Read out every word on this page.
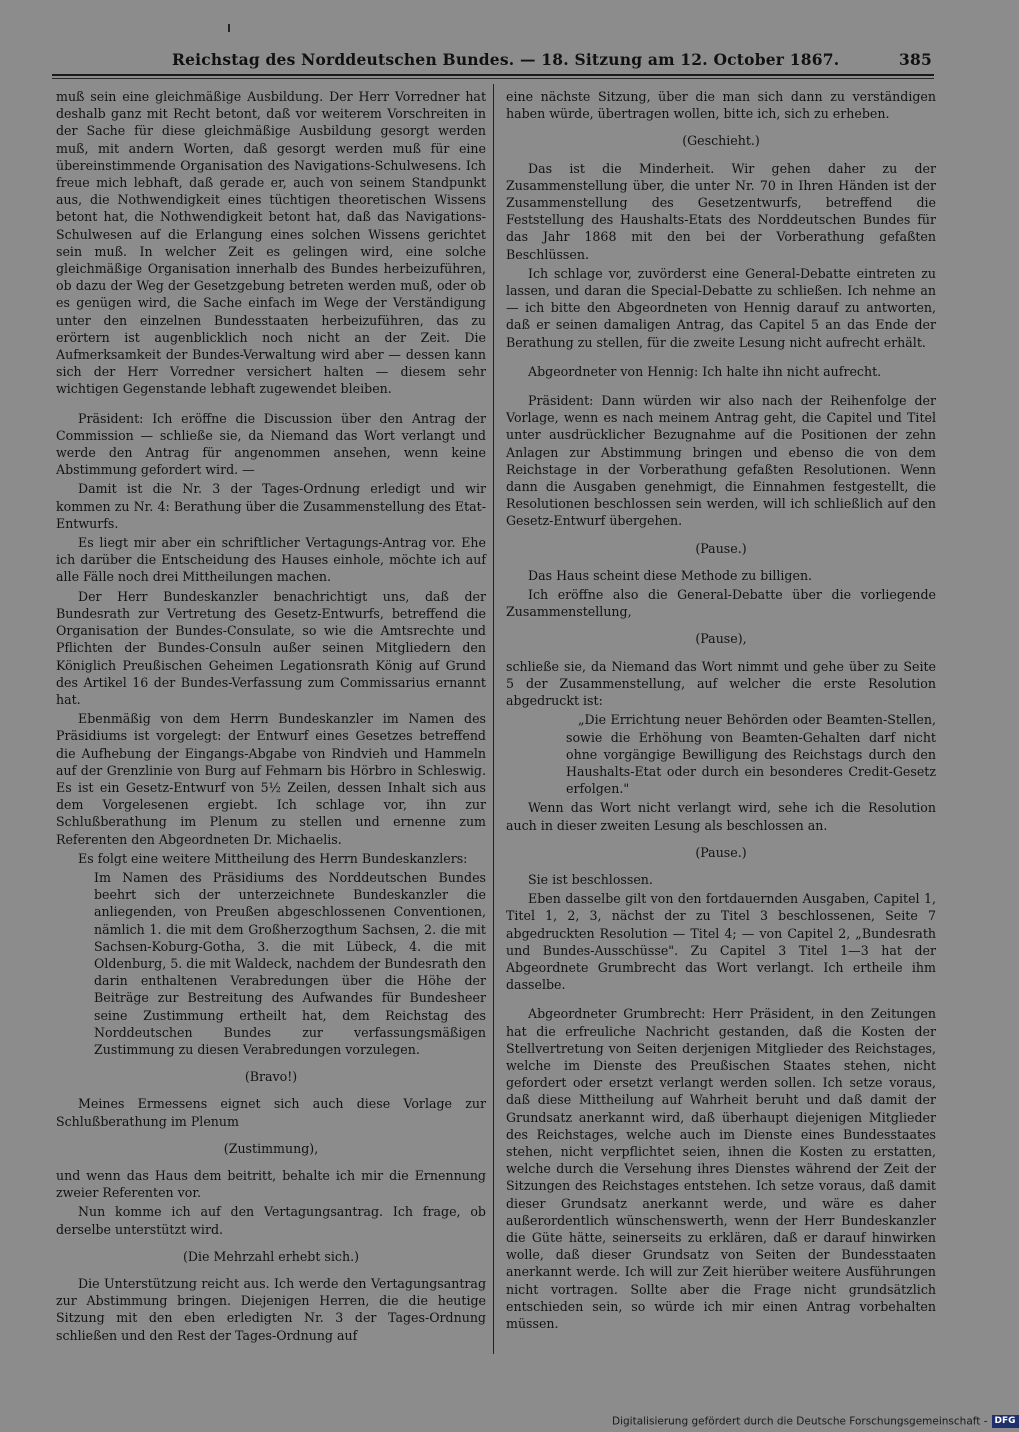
Reichstag des Norddeutschen Bundes. — 18. Sitzung am 12. October 1867.	385

muß sein eine gleichmäßige Ausbildung. Der Herr Vorredner hat deshalb ganz mit Recht betont, daß vor weiterem Vorschreiten in der Sache für diese gleichmäßige Ausbildung gesorgt werden muß, mit andern Worten, daß gesorgt werden muß für eine übereinstimmende Organisation des Navigations-Schulwesens. Ich freue mich lebhaft, daß gerade er, auch von seinem Standpunkt aus, die Nothwendigkeit eines tüchtigen theoretischen Wissens betont hat, die Nothwendigkeit betont hat, daß das Navigations-Schulwesen auf die Erlangung eines solchen Wissens gerichtet sein muß. In welcher Zeit es gelingen wird, eine solche gleichmäßige Organisation innerhalb des Bundes herbeizuführen, ob dazu der Weg der Gesetzgebung betreten werden muß, oder ob es genügen wird, die Sache einfach im Wege der Verständigung unter den einzelnen Bundesstaaten herbeizuführen, das zu erörtern ist augenblicklich noch nicht an der Zeit. Die Aufmerksamkeit der Bundes-Verwaltung wird aber — dessen kann sich der Herr Vorredner versichert halten — diesem sehr wichtigen Gegenstande lebhaft zugewendet bleiben.

Präsident: Ich eröffne die Discussion über den Antrag der Commission — schließe sie, da Niemand das Wort verlangt und werde den Antrag für angenommen ansehen, wenn keine Abstimmung gefordert wird. —

Damit ist die Nr. 3 der Tages-Ordnung erledigt und wir kommen zu Nr. 4: Berathung über die Zusammenstellung des Etat-Entwurfs.

Es liegt mir aber ein schriftlicher Vertagungs-Antrag vor. Ehe ich darüber die Entscheidung des Hauses einhole, möchte ich auf alle Fälle noch drei Mittheilungen machen.

Der Herr Bundeskanzler benachrichtigt uns, daß der Bundesrath zur Vertretung des Gesetz-Entwurfs, betreffend die Organisation der Bundes-Consulate, so wie die Amtsrechte und Pflichten der Bundes-Consuln außer seinen Mitgliedern den Königlich Preußischen Geheimen Legationsrath König auf Grund des Artikel 16 der Bundes-Verfassung zum Commissarius ernannt hat.

Ebenmäßig von dem Herrn Bundeskanzler im Namen des Präsidiums ist vorgelegt: der Entwurf eines Gesetzes betreffend die Aufhebung der Eingangs-Abgabe von Rindvieh und Hammeln auf der Grenzlinie von Burg auf Fehmarn bis Hörbro in Schleswig. Es ist ein Gesetz-Entwurf von 5½ Zeilen, dessen Inhalt sich aus dem Vorgelesenen ergiebt. Ich schlage vor, ihn zur Schlußberathung im Plenum zu stellen und ernenne zum Referenten den Abgeordneten Dr. Michaelis.

Es folgt eine weitere Mittheilung des Herrn Bundeskanzlers:

Im Namen des Präsidiums des Norddeutschen Bundes beehrt sich der unterzeichnete Bundeskanzler die anliegenden, von Preußen abgeschlossenen Conventionen, nämlich 1. die mit dem Großherzogthum Sachsen, 2. die mit Sachsen-Koburg-Gotha, 3. die mit Lübeck, 4. die mit Oldenburg, 5. die mit Waldeck, nachdem der Bundesrath den darin enthaltenen Verabredungen über die Höhe der Beiträge zur Bestreitung des Aufwandes für Bundesheer seine Zustimmung ertheilt hat, dem Reichstag des Norddeutschen Bundes zur verfassungsmäßigen Zustimmung zu diesen Verabredungen vorzulegen.

(Bravo!)

Meines Ermessens eignet sich auch diese Vorlage zur Schlußberathung im Plenum

(Zustimmung),

und wenn das Haus dem beitritt, behalte ich mir die Ernennung zweier Referenten vor.

Nun komme ich auf den Vertagungsantrag. Ich frage, ob derselbe unterstützt wird.

(Die Mehrzahl erhebt sich.)

Die Unterstützung reicht aus. Ich werde den Vertagungsantrag zur Abstimmung bringen. Diejenigen Herren, die die heutige Sitzung mit den eben erledigten Nr. 3 der Tages-Ordnung schließen und den Rest der Tages-Ordnung auf

eine nächste Sitzung, über die man sich dann zu verständigen haben würde, übertragen wollen, bitte ich, sich zu erheben.

(Geschieht.)

Das ist die Minderheit. Wir gehen daher zu der Zusammenstellung über, die unter Nr. 70 in Ihren Händen ist der Zusammenstellung des Gesetzentwurfs, betreffend die Feststellung des Haushalts-Etats des Norddeutschen Bundes für das Jahr 1868 mit den bei der Vorberathung gefaßten Beschlüssen.

Ich schlage vor, zuvörderst eine General-Debatte eintreten zu lassen, und daran die Special-Debatte zu schließen. Ich nehme an — ich bitte den Abgeordneten von Hennig darauf zu antworten, daß er seinen damaligen Antrag, das Capitel 5 an das Ende der Berathung zu stellen, für die zweite Lesung nicht aufrecht erhält.

Abgeordneter von Hennig: Ich halte ihn nicht aufrecht.

Präsident: Dann würden wir also nach der Reihenfolge der Vorlage, wenn es nach meinem Antrag geht, die Capitel und Titel unter ausdrücklicher Bezugnahme auf die Positionen der zehn Anlagen zur Abstimmung bringen und ebenso die von dem Reichstage in der Vorberathung gefaßten Resolutionen. Wenn dann die Ausgaben genehmigt, die Einnahmen festgestellt, die Resolutionen beschlossen sein werden, will ich schließlich auf den Gesetz-Entwurf übergehen.

(Pause.)

Das Haus scheint diese Methode zu billigen.

Ich eröffne also die General-Debatte über die vorliegende Zusammenstellung,

(Pause),

schließe sie, da Niemand das Wort nimmt und gehe über zu Seite 5 der Zusammenstellung, auf welcher die erste Resolution abgedruckt ist:

„Die Errichtung neuer Behörden oder Beamten-Stellen, sowie die Erhöhung von Beamten-Gehalten darf nicht ohne vorgängige Bewilligung des Reichstags durch den Haushalts-Etat oder durch ein besonderes Credit-Gesetz erfolgen."

Wenn das Wort nicht verlangt wird, sehe ich die Resolution auch in dieser zweiten Lesung als beschlossen an.

(Pause.)

Sie ist beschlossen.

Eben dasselbe gilt von den fortdauernden Ausgaben, Capitel 1, Titel 1, 2, 3, nächst der zu Titel 3 beschlossenen, Seite 7 abgedruckten Resolution — Titel 4; — von Capitel 2, „Bundesrath und Bundes-Ausschüsse". Zu Capitel 3 Titel 1—3 hat der Abgeordnete Grumbrecht das Wort verlangt. Ich ertheile ihm dasselbe.

Abgeordneter Grumbrecht: Herr Präsident, in den Zeitungen hat die erfreuliche Nachricht gestanden, daß die Kosten der Stellvertretung von Seiten derjenigen Mitglieder des Reichstages, welche im Dienste des Preußischen Staates stehen, nicht gefordert oder ersetzt verlangt werden sollen. Ich setze voraus, daß diese Mittheilung auf Wahrheit beruht und daß damit der Grundsatz anerkannt wird, daß überhaupt diejenigen Mitglieder des Reichstages, welche auch im Dienste eines Bundesstaates stehen, nicht verpflichtet seien, ihnen die Kosten zu erstatten, welche durch die Versehung ihres Dienstes während der Zeit der Sitzungen des Reichstages entstehen. Ich setze voraus, daß damit dieser Grundsatz anerkannt werde, und wäre es daher außerordentlich wünschenswerth, wenn der Herr Bundeskanzler die Güte hätte, seinerseits zu erklären, daß er darauf hinwirken wolle, daß dieser Grundsatz von Seiten der Bundesstaaten anerkannt werde. Ich will zur Zeit hierüber weitere Ausführungen nicht vortragen. Sollte aber die Frage nicht grundsätzlich entschieden sein, so würde ich mir einen Antrag vorbehalten müssen.

Digitalisierung gefördert durch die Deutsche Forschungsgemeinschaft - DFG
